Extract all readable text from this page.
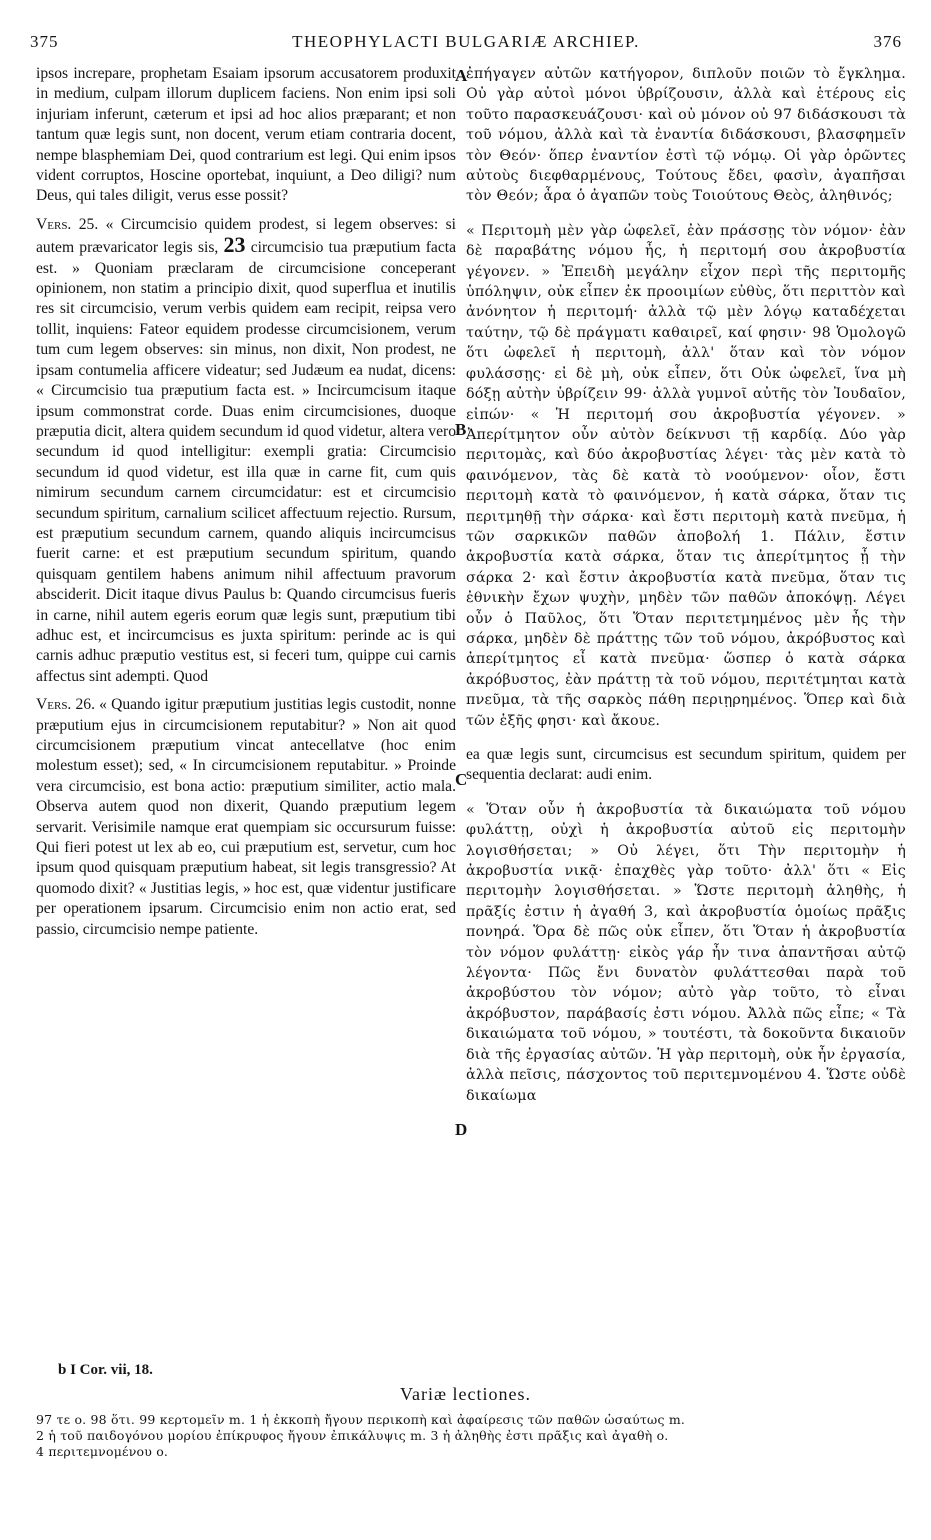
375	THEOPHYLACTI BULGARIÆ ARCHIEP.	376

ipsos increpare, prophetam Esaiam ipsorum accusatorem produxit in medium, culpam illorum duplicem faciens. Non enim ipsi soli injuriam inferunt, cæterum et ipsi ad hoc alios præparant; et non tantum quæ legis sunt, non docent, verum etiam contraria docent, nempe blasphemiam Dei, quod contrarium est legi. Qui enim ipsos vident corruptos, Hoscine oportebat, inquiunt, a Deo diligi? num Deus, qui tales diligit, verus esse possit?

Vers. 25. « Circumcisio quidem prodest, si legem observes: si autem prævaricator legis sis, 23 circumcisio tua præputium facta est. » Quoniam præclaram de circumcisione conceperant opinionem, non statim a principio dixit, quod superflua et inutilis res sit circumcisio, verum verbis quidem eam recipit, reipsa vero tollit, inquiens: Fateor equidem prodesse circumcisionem, verum tum cum legem observes: sin minus, non dixit, Non prodest, ne ipsam contumelia afficere videatur; sed Judæum ea nudat, dicens: « Circumcisio tua præputium facta est. » Incircumcisum itaque ipsum commonstrat corde. Duas enim circumcisiones, duoque præputia dicit, altera quidem secundum id quod videtur, altera vero secundum id quod intelligitur: exempli gratia: Circumcisio secundum id quod videtur, est illa quæ in carne fit, cum quis nimirum secundum carnem circumcidatur: est et circumcisio secundum spiritum, carnalium scilicet affectuum rejectio. Rursum, est præputium secundum carnem, quando aliquis incircumcisus fuerit carne: et est præputium secundum spiritum, quando quisquam gentilem habens animum nihil affectuum pravorum absciderit. Dicit itaque divus Paulus b: Quando circumcisus fueris in carne, nihil autem egeris eorum quæ legis sunt, præputium tibi adhuc est, et incircumcisus es juxta spiritum: perinde ac is qui carnis adhuc præputio vestitus est, si feceri tum, quippe cui carnis affectus sint adempti. Quod

Vers. 26. « Quando igitur præputium justitias legis custodit, nonne præputium ejus in circumcisionem reputabitur? » Non ait quod circumcisionem præputium vincat antecellatve (hoc enim molestum esset); sed, « In circumcisionem reputabitur. » Proinde vera circumcisio, est bona actio: præputium similiter, actio mala. Observa autem quod non dixerit, Quando præputium legem servarit. Verisimile namque erat quempiam sic occursurum fuisse: Qui fieri potest ut lex ab eo, cui præputium est, servetur, cum hoc ipsum quod quisquam præputium habeat, sit legis transgressio? At quomodo dixit? « Justitias legis, » hoc est, quæ videntur justificare per operationem ipsarum. Circumcisio enim non actio erat, sed passio, circumcisio nempe patiente.

A
B
C
D

ἐπήγαγεν αὐτῶν κατήγορον, διπλοῦν ποιῶν τὸ ἔγκλημα. Οὐ γὰρ αὐτοὶ μόνοι ὑβρίζουσιν, ἀλλὰ καὶ ἑτέρους εἰς τοῦτο παρασκευάζουσι· καὶ οὐ μόνον οὐ 97 διδάσκουσι τὰ τοῦ νόμου, ἀλλὰ καὶ τὰ ἐναντία διδάσκουσι, βλασφημεῖν τὸν Θεόν· ὅπερ ἐναντίον ἐστὶ τῷ νόμῳ. Οἱ γὰρ ὁρῶντες αὐτοὺς διεφθαρμένους, Τούτους ἔδει, φασὶν, ἀγαπῆσαι τὸν Θεόν; ἆρα ὁ ἀγαπῶν τοὺς Τοιούτους Θεὸς, ἀληθινός;

« Περιτομὴ μὲν γὰρ ὠφελεῖ, ἐὰν πράσσῃς τὸν νόμον· ἐὰν δὲ παραβάτης νόμου ἦς, ἡ περιτομή σου ἀκροβυστία γέγονεν. » Ἐπειδὴ μεγάλην εἶχον περὶ τῆς περιτομῆς ὑπόληψιν, οὐκ εἶπεν ἐκ προοιμίων εὐθὺς, ὅτι περιττὸν καὶ ἀνόνητον ἡ περιτομή· ἀλλὰ τῷ μὲν λόγῳ καταδέχεται ταύτην, τῷ δὲ πράγματι καθαιρεῖ, καί φησιν· 98 Ὁμολογῶ ὅτι ὠφελεῖ ἡ περιτομὴ, ἀλλ' ὅταν καὶ τὸν νόμον φυλάσσῃς· εἰ δὲ μὴ, οὐκ εἶπεν, ὅτι Οὐκ ὠφελεῖ, ἵνα μὴ δόξῃ αὐτὴν ὑβρίζειν 99· ἀλλὰ γυμνοῖ αὐτῆς τὸν Ἰουδαῖον, εἰπών· « Ἡ περιτομή σου ἀκροβυστία γέγονεν. » Ἀπερίτμητον οὖν αὐτὸν δείκνυσι τῇ καρδίᾳ. Δύο γὰρ περιτομὰς, καὶ δύο ἀκροβυστίας λέγει· τὰς μὲν κατὰ τὸ φαινόμενον, τὰς δὲ κατὰ τὸ νοούμενον· οἷον, ἔστι περιτομὴ κατὰ τὸ φαινόμενον, ἡ κατὰ σάρκα, ὅταν τις περιτμηθῇ τὴν σάρκα· καὶ ἔστι περιτομὴ κατὰ πνεῦμα, ἡ τῶν σαρκικῶν παθῶν ἀποβολή 1. Πάλιν, ἔστιν ἀκροβυστία κατὰ σάρκα, ὅταν τις ἀπερίτμητος ᾖ τὴν σάρκα 2· καὶ ἔστιν ἀκροβυστία κατὰ πνεῦμα, ὅταν τις ἐθνικὴν ἔχων ψυχὴν, μηδὲν τῶν παθῶν ἀποκόψῃ. Λέγει οὖν ὁ Παῦλος, ὅτι Ὅταν περιτετμημένος μὲν ἦς τὴν σάρκα, μηδὲν δὲ πράττῃς τῶν τοῦ νόμου, ἀκρόβυστος καὶ ἀπερίτμητος εἶ κατὰ πνεῦμα· ὥσπερ ὁ κατὰ σάρκα ἀκρόβυστος, ἐὰν πράττῃ τὰ τοῦ νόμου, περιτέτμηται κατὰ πνεῦμα, τὰ τῆς σαρκὸς πάθη περιῃρημένος. Ὅπερ καὶ διὰ τῶν ἑξῆς φησι· καὶ ἄκουε.

ea quæ legis sunt, circumcisus est secundum spiritum, quidem per sequentia declarat: audi enim.

« Ὅταν οὖν ἡ ἀκροβυστία τὰ δικαιώματα τοῦ νόμου φυλάττῃ, οὐχὶ ἡ ἀκροβυστία αὐτοῦ εἰς περιτομὴν λογισθήσεται; » Οὐ λέγει, ὅτι Τὴν περιτομὴν ἡ ἀκροβυστία νικᾷ· ἐπαχθὲς γὰρ τοῦτο· ἀλλ' ὅτι « Εἰς περιτομὴν λογισθήσεται. » Ὥστε περιτομὴ ἀληθὴς, ἡ πρᾶξίς ἐστιν ἡ ἀγαθή 3, καὶ ἀκροβυστία ὁμοίως πρᾶξις πονηρά. Ὅρα δὲ πῶς οὐκ εἶπεν, ὅτι Ὅταν ἡ ἀκροβυστία τὸν νόμον φυλάττῃ· εἰκὸς γάρ ἦν τινα ἀπαντῆσαι αὐτῷ λέγοντα· Πῶς ἔνι δυνατὸν φυλάττεσθαι παρὰ τοῦ ἀκροβύστου τὸν νόμον; αὐτὸ γὰρ τοῦτο, τὸ εἶναι ἀκρόβυστον, παράβασίς ἐστι νόμου. Ἀλλὰ πῶς εἶπε; « Τὰ δικαιώματα τοῦ νόμου, » τουτέστι, τὰ δοκοῦντα δικαιοῦν διὰ τῆς ἐργασίας αὐτῶν. Ἡ γὰρ περιτομὴ, οὐκ ἦν ἐργασία, ἀλλὰ πεῖσις, πάσχοντος τοῦ περιτεμνομένου 4. Ὥστε οὐδὲ δικαίωμα

b I Cor. vii, 18.
Variæ lectiones.
97 τε ο. 98 ὅτι. 99 κερτομεῖν m. 1 ἡ ἐκκοπὴ ἤγουν περικοπὴ καὶ ἀφαίρεσις τῶν παθῶν ὡσαύτως m.
2 ἡ τοῦ παιδογόνου μορίου ἐπίκρυφος ἤγουν ἐπικάλυψις m. 3 ἡ ἀληθὴς ἐστι πρᾶξις καὶ ἀγαθὴ ο.
4 περιτεμνομένου ο.
